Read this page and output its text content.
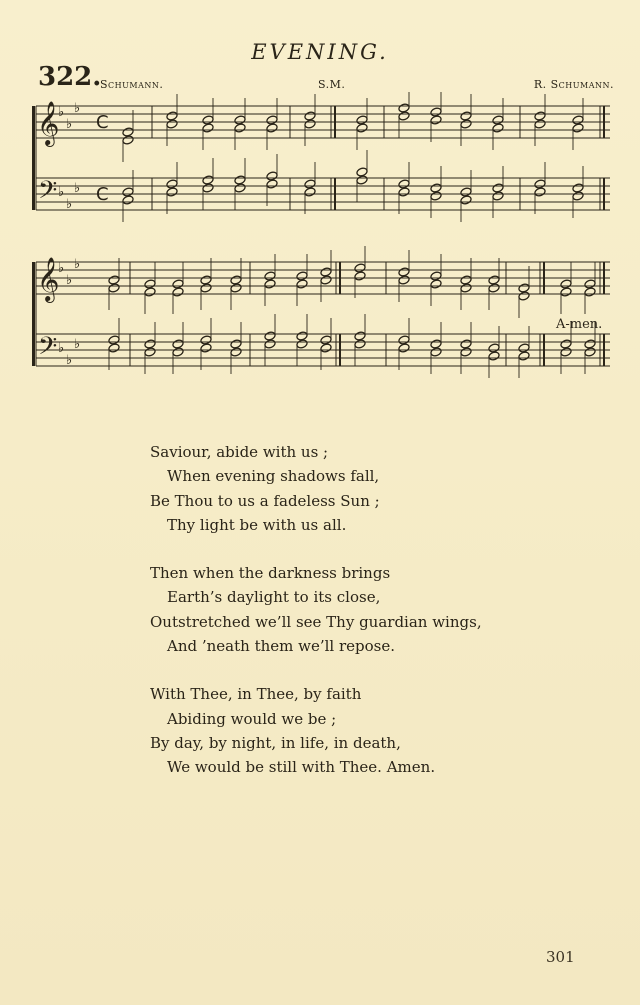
EVENING.
322.
Schumann.	S.M.	R. Schumann.
𝄞
𝄢
♭
♭
♭
♭
♭
♭
C
C
𝄞
𝄢
♭
♭
♭
♭
♭
♭
A-men.
Saviour, abide with us ;
When evening shadows fall,
Be Thou to us a fadeless Sun ;
Thy light be with us all.
Then when the darkness brings
Earth’s daylight to its close,
Outstretched we’ll see Thy guardian wings,
And ’neath them we’ll repose.
With Thee, in Thee, by faith
Abiding would we be ;
By day, by night, in life, in death,
We would be still with Thee. Amen.
301
